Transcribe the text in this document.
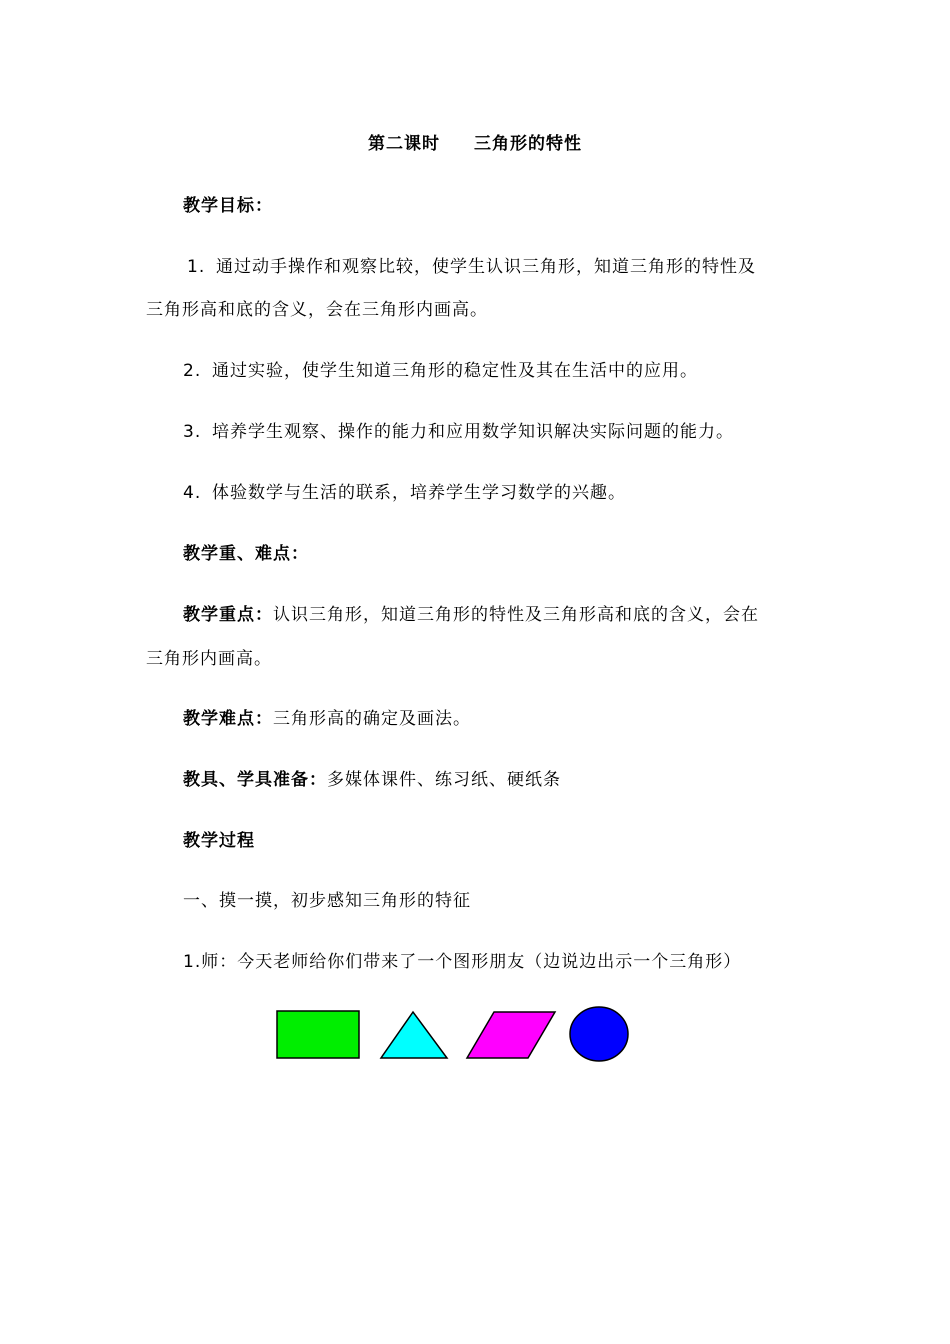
第二课时 三角形的特性
教学目标：
1. 通过动手操作和观察比较，使学生认识三角形，知道三角形的特性及
三角形高和底的含义，会在三角形内画高。
2. 通过实验，使学生知道三角形的稳定性及其在生活中的应用。
3. 培养学生观察、操作的能力和应用数学知识解决实际问题的能力。
4. 体验数学与生活的联系，培养学生学习数学的兴趣。
教学重、难点：
教学重点：认识三角形，知道三角形的特性及三角形高和底的含义，会在
三角形内画高。
教学难点：三角形高的确定及画法。
教具、学具准备：多媒体课件、练习纸、硬纸条
教学过程
一、摸一摸，初步感知三角形的特征
1.师：今天老师给你们带来了一个图形朋友（边说边出示一个三角形）
